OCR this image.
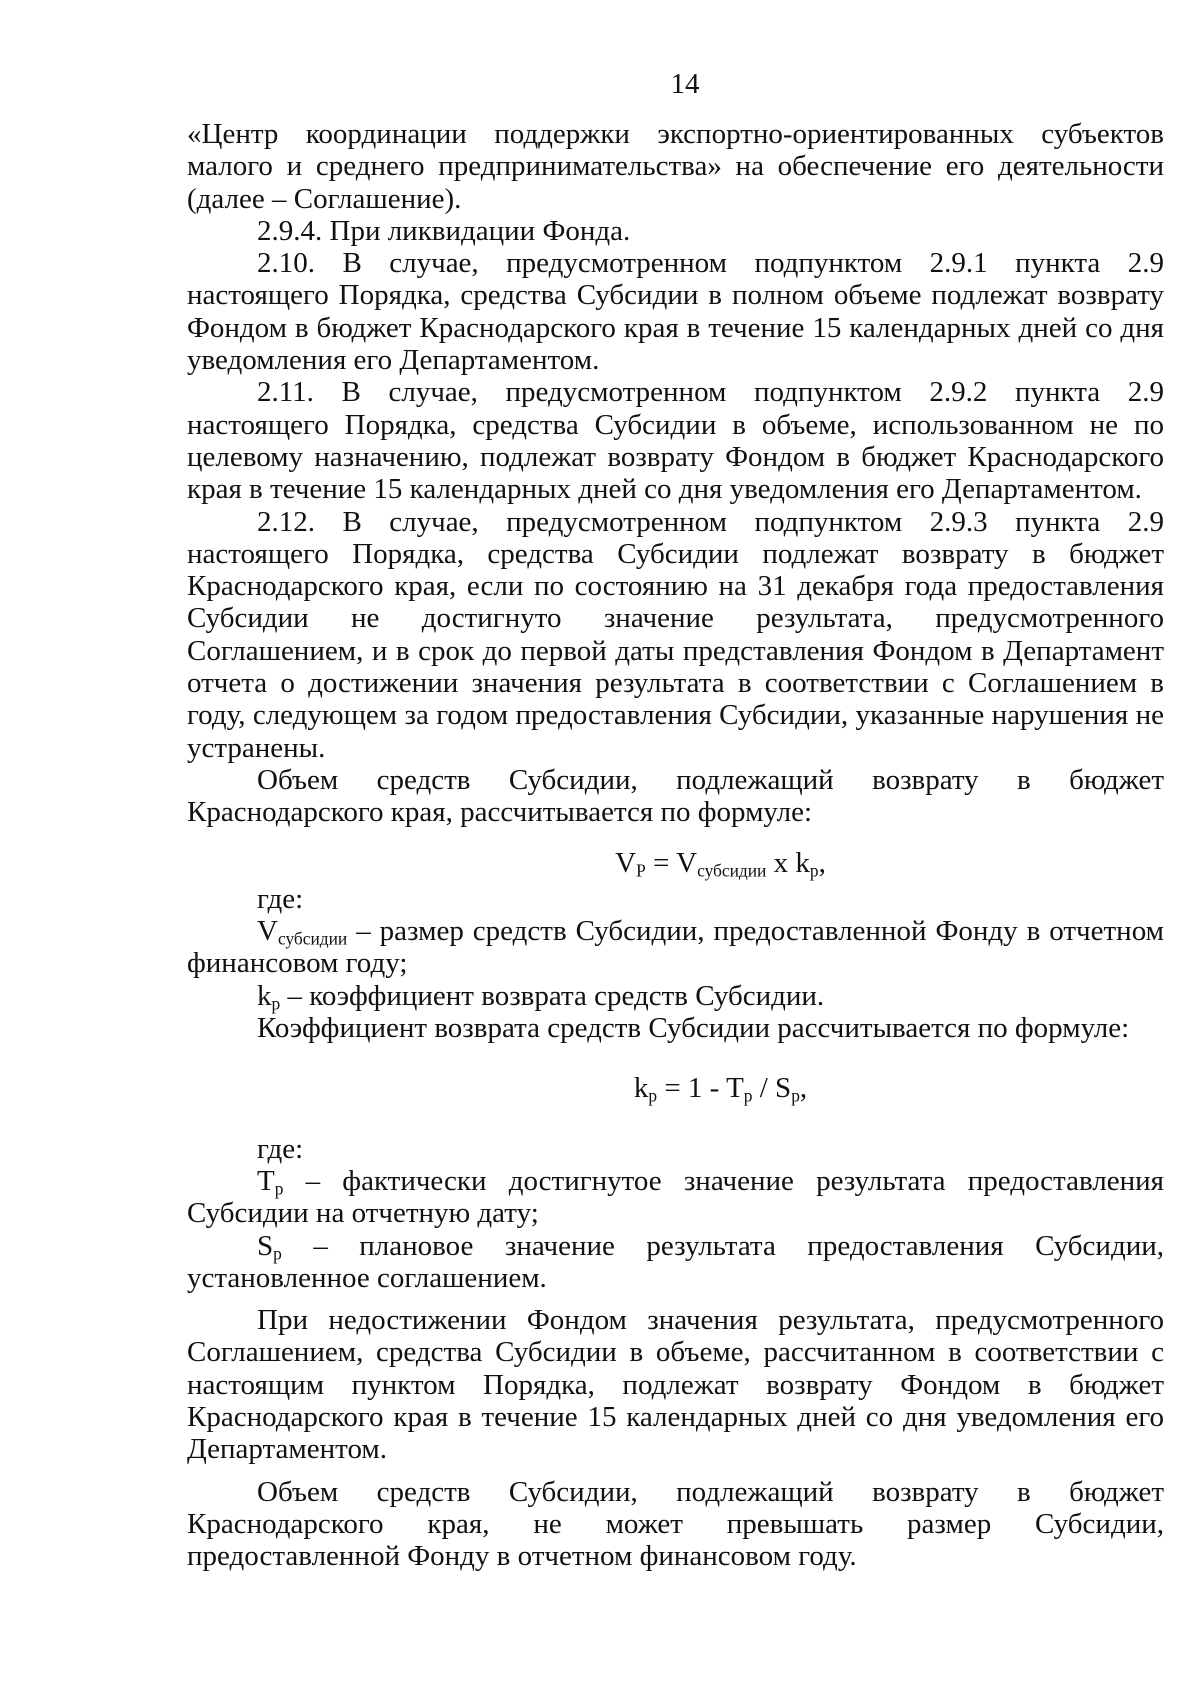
14

«Центр координации поддержки экспортно-ориентированных субъектов малого и среднего предпринимательства» на обеспечение его деятельности (далее – Соглашение).

2.9.4. При ликвидации Фонда.

2.10. В случае, предусмотренном подпунктом 2.9.1 пункта 2.9 настоящего Порядка, средства Субсидии в полном объеме подлежат возврату Фондом в бюджет Краснодарского края в течение 15 календарных дней со дня уведомления его Департаментом.

2.11. В случае, предусмотренном подпунктом 2.9.2 пункта 2.9 настоящего Порядка, средства Субсидии в объеме, использованном не по целевому назначению, подлежат возврату Фондом в бюджет Краснодарского края в течение 15 календарных дней со дня уведомления его Департаментом.

2.12. В случае, предусмотренном подпунктом 2.9.3 пункта 2.9 настоящего Порядка, средства Субсидии подлежат возврату в бюджет Краснодарского края, если по состоянию на 31 декабря года предоставления Субсидии не достигнуто значение результата, предусмотренного Соглашением, и в срок до первой даты представления Фондом в Департамент отчета о достижении значения результата в соответствии с Соглашением в году, следующем за годом предоставления Субсидии, указанные нарушения не устранены.

Объем средств Субсидии, подлежащий возврату в бюджет Краснодарского края, рассчитывается по формуле:

$V_P = V_{субсидии}$ x $k_p$,

где:

$V_{субсидии}$ – размер средств Субсидии, предоставленной Фонду в отчетном финансовом году;

$k_p$ – коэффициент возврата средств Субсидии.

Коэффициент возврата средств Субсидии рассчитывается по формуле:

$k_p = 1 - T_p / S_p$,

где:

$T_p$ – фактически достигнутое значение результата предоставления Субсидии на отчетную дату;

$S_p$ – плановое значение результата предоставления Субсидии, установленное соглашением.

При недостижении Фондом значения результата, предусмотренного Соглашением, средства Субсидии в объеме, рассчитанном в соответствии с настоящим пунктом Порядка, подлежат возврату Фондом в бюджет Краснодарского края в течение 15 календарных дней со дня уведомления его Департаментом.

Объем средств Субсидии, подлежащий возврату в бюджет Краснодарского края, не может превышать размер Субсидии, предоставленной Фонду в отчетном финансовом году.
